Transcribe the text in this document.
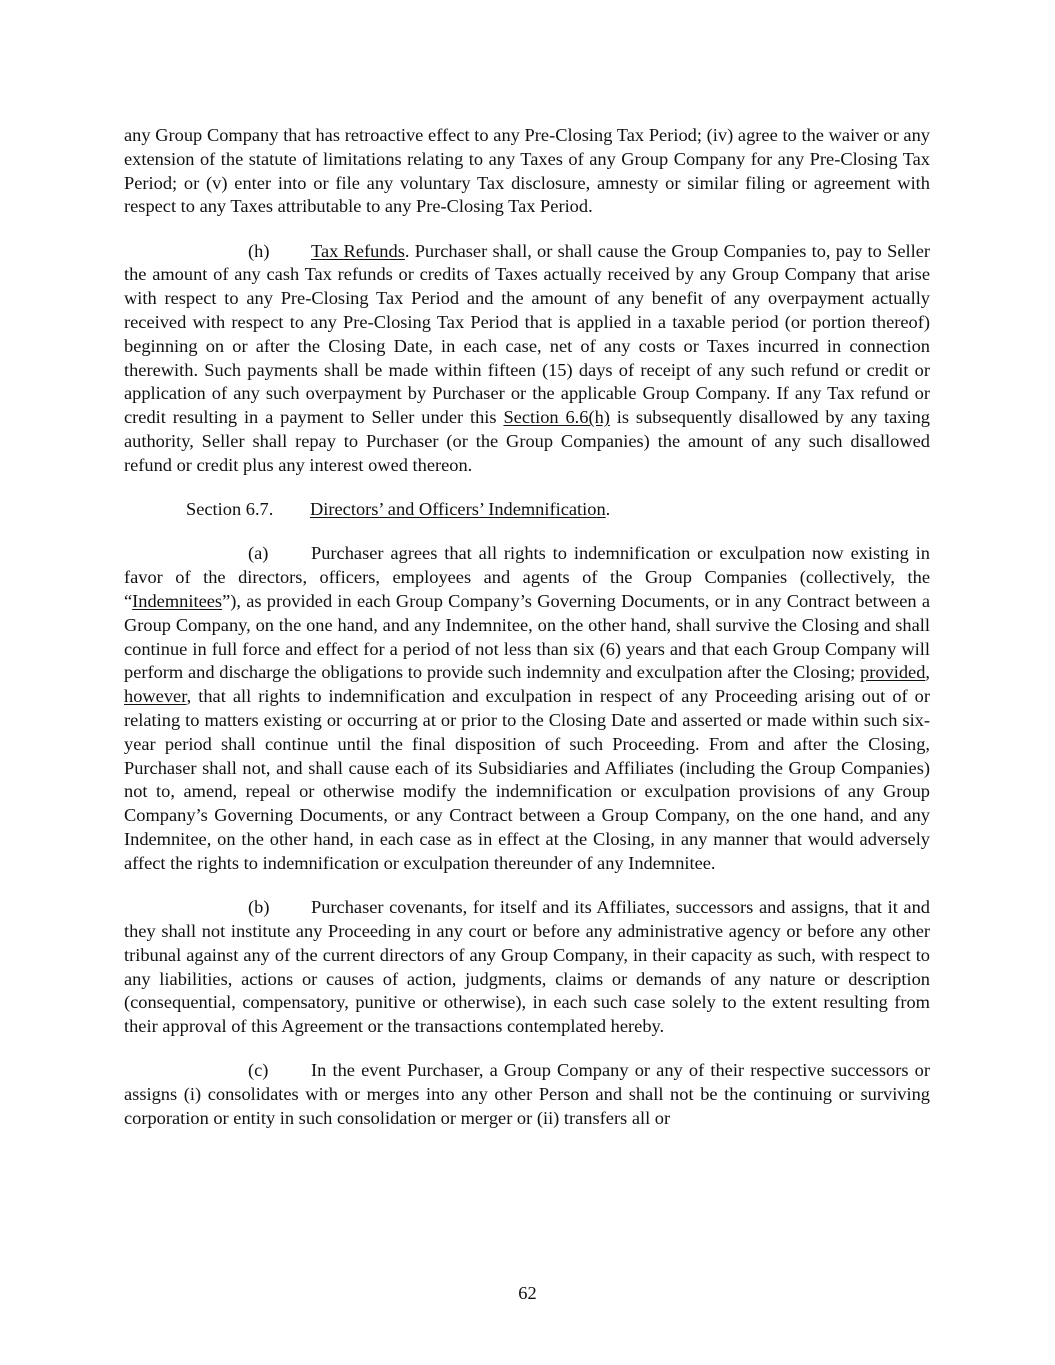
any Group Company that has retroactive effect to any Pre-Closing Tax Period; (iv) agree to the waiver or any extension of the statute of limitations relating to any Taxes of any Group Company for any Pre-Closing Tax Period; or (v) enter into or file any voluntary Tax disclosure, amnesty or similar filing or agreement with respect to any Taxes attributable to any Pre-Closing Tax Period.

(h) Tax Refunds. Purchaser shall, or shall cause the Group Companies to, pay to Seller the amount of any cash Tax refunds or credits of Taxes actually received by any Group Company that arise with respect to any Pre-Closing Tax Period and the amount of any benefit of any overpayment actually received with respect to any Pre-Closing Tax Period that is applied in a taxable period (or portion thereof) beginning on or after the Closing Date, in each case, net of any costs or Taxes incurred in connection therewith. Such payments shall be made within fifteen (15) days of receipt of any such refund or credit or application of any such overpayment by Purchaser or the applicable Group Company. If any Tax refund or credit resulting in a payment to Seller under this Section 6.6(h) is subsequently disallowed by any taxing authority, Seller shall repay to Purchaser (or the Group Companies) the amount of any such disallowed refund or credit plus any interest owed thereon.

Section 6.7. Directors’ and Officers’ Indemnification.

(a) Purchaser agrees that all rights to indemnification or exculpation now existing in favor of the directors, officers, employees and agents of the Group Companies (collectively, the “Indemnitees”), as provided in each Group Company’s Governing Documents, or in any Contract between a Group Company, on the one hand, and any Indemnitee, on the other hand, shall survive the Closing and shall continue in full force and effect for a period of not less than six (6) years and that each Group Company will perform and discharge the obligations to provide such indemnity and exculpation after the Closing; provided, however, that all rights to indemnification and exculpation in respect of any Proceeding arising out of or relating to matters existing or occurring at or prior to the Closing Date and asserted or made within such six-year period shall continue until the final disposition of such Proceeding. From and after the Closing, Purchaser shall not, and shall cause each of its Subsidiaries and Affiliates (including the Group Companies) not to, amend, repeal or otherwise modify the indemnification or exculpation provisions of any Group Company’s Governing Documents, or any Contract between a Group Company, on the one hand, and any Indemnitee, on the other hand, in each case as in effect at the Closing, in any manner that would adversely affect the rights to indemnification or exculpation thereunder of any Indemnitee.

(b) Purchaser covenants, for itself and its Affiliates, successors and assigns, that it and they shall not institute any Proceeding in any court or before any administrative agency or before any other tribunal against any of the current directors of any Group Company, in their capacity as such, with respect to any liabilities, actions or causes of action, judgments, claims or demands of any nature or description (consequential, compensatory, punitive or otherwise), in each such case solely to the extent resulting from their approval of this Agreement or the transactions contemplated hereby.

(c) In the event Purchaser, a Group Company or any of their respective successors or assigns (i) consolidates with or merges into any other Person and shall not be the continuing or surviving corporation or entity in such consolidation or merger or (ii) transfers all or

62
